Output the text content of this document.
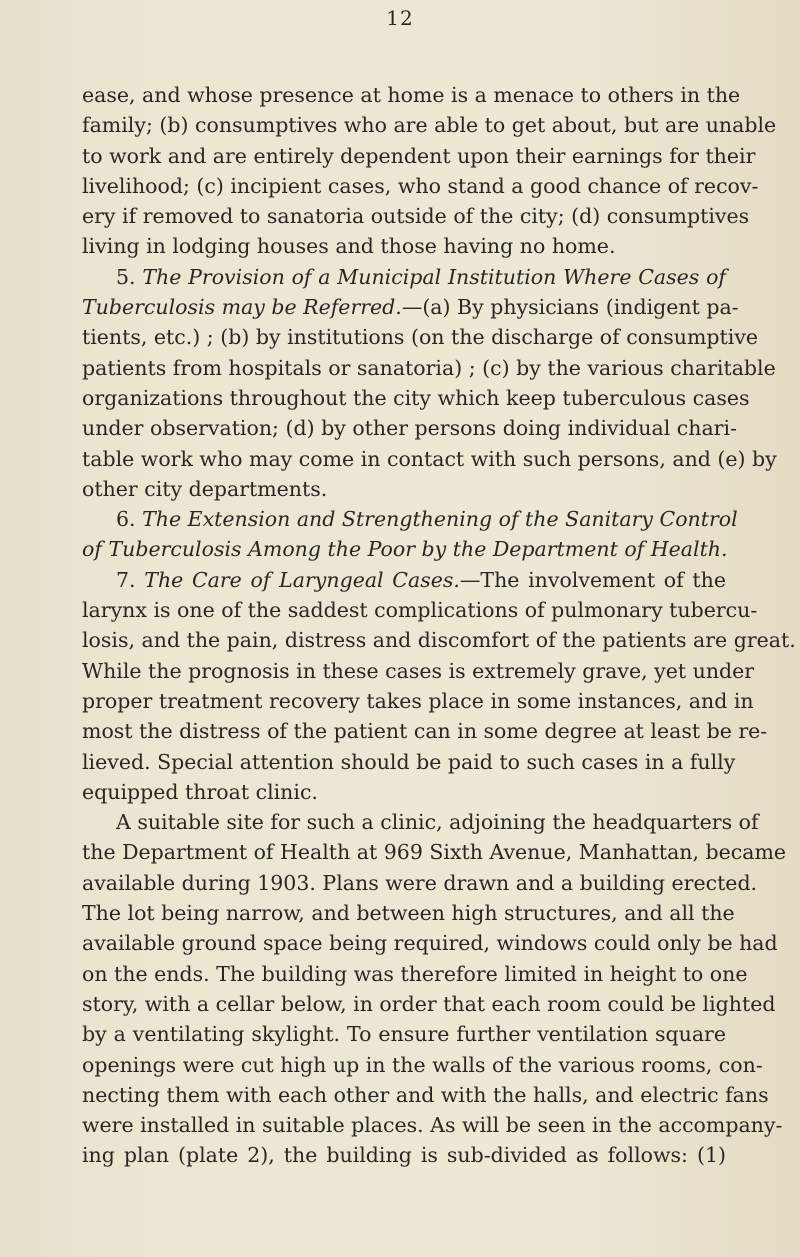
12
ease, and whose presence at home is a menace to others in the
family; (b) consumptives who are able to get about, but are unable
to work and are entirely dependent upon their earnings for their
livelihood; (c) incipient cases, who stand a good chance of recov-
ery if removed to sanatoria outside of the city; (d) consumptives
living in lodging houses and those having no home.
5. The Provision of a Municipal Institution Where Cases of
Tuberculosis may be Referred.—(a) By physicians (indigent pa-
tients, etc.) ; (b) by institutions (on the discharge of consumptive
patients from hospitals or sanatoria) ; (c) by the various charitable
organizations throughout the city which keep tuberculous cases
under observation; (d) by other persons doing individual chari-
table work who may come in contact with such persons, and (e) by
other city departments.
6. The Extension and Strengthening of the Sanitary Control
of Tuberculosis Among the Poor by the Department of Health.
7. The Care of Laryngeal Cases.—The involvement of the
larynx is one of the saddest complications of pulmonary tubercu-
losis, and the pain, distress and discomfort of the patients are great.
While the prognosis in these cases is extremely grave, yet under
proper treatment recovery takes place in some instances, and in
most the distress of the patient can in some degree at least be re-
lieved. Special attention should be paid to such cases in a fully
equipped throat clinic.
A suitable site for such a clinic, adjoining the headquarters of
the Department of Health at 969 Sixth Avenue, Manhattan, became
available during 1903. Plans were drawn and a building erected.
The lot being narrow, and between high structures, and all the
available ground space being required, windows could only be had
on the ends. The building was therefore limited in height to one
story, with a cellar below, in order that each room could be lighted
by a ventilating skylight. To ensure further ventilation square
openings were cut high up in the walls of the various rooms, con-
necting them with each other and with the halls, and electric fans
were installed in suitable places. As will be seen in the accompany-
ing plan (plate 2), the building is sub-divided as follows: (1)
